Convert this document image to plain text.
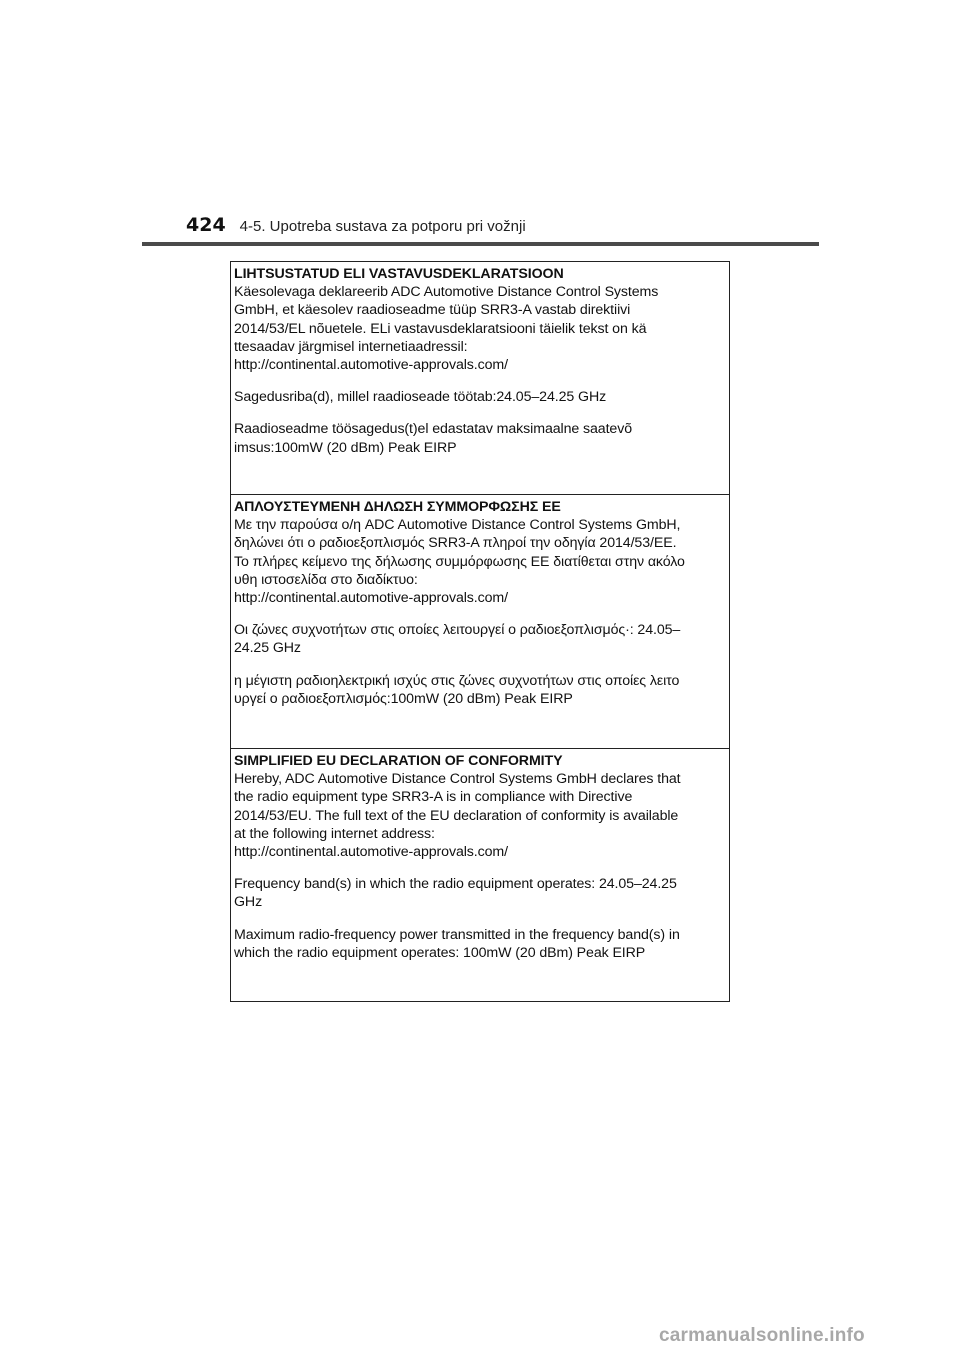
424 4-5. Upotreba sustava za potporu pri vožnji
LIHTSUSTATUD ELI VASTAVUSDEKLARATSIOON
Käesolevaga deklareerib ADC Automotive Distance Control Systems
GmbH, et käesolev raadioseadme tüüp SRR3-A vastab direktiivi
2014/53/EL nõuetele. ELi vastavusdeklaratsiooni täielik tekst on kä
ttesaadav järgmisel internetiaadressil:
http://continental.automotive-approvals.com/
Sagedusriba(d), millel raadioseade töötab:24.05–24.25 GHz
Raadioseadme töösagedus(t)el edastatav maksimaalne saatevõ
imsus:100mW (20 dBm) Peak EIRP
ΑΠΛΟΥΣΤΕΥΜΕΝΗ ΔΗΛΩΣΗ ΣΥΜΜΟΡΦΩΣΗΣ ΕΕ
Με την παρούσα ο/η ADC Automotive Distance Control Systems GmbH,
δηλώνει ότι ο ραδιοεξοπλισμός SRR3-A πληροί την οδηγία 2014/53/ΕΕ.
Το πλήρες κείμενο της δήλωσης συμμόρφωσης ΕΕ διατίθεται στην ακόλο
υθη ιστοσελίδα στο διαδίκτυο:
http://continental.automotive-approvals.com/
Οι ζώνες συχνοτήτων στις οποίες λειτουργεί ο ραδιοεξοπλισμός·: 24.05–
24.25 GHz
η μέγιστη ραδιοηλεκτρική ισχύς στις ζώνες συχνοτήτων στις οποίες λειτο
υργεί ο ραδιοεξοπλισμός:100mW (20 dBm) Peak EIRP
SIMPLIFIED EU DECLARATION OF CONFORMITY
Hereby, ADC Automotive Distance Control Systems GmbH declares that
the radio equipment type SRR3-A is in compliance with Directive
2014/53/EU. The full text of the EU declaration of conformity is available
at the following internet address:
http://continental.automotive-approvals.com/
Frequency band(s) in which the radio equipment operates: 24.05–24.25
GHz
Maximum radio-frequency power transmitted in the frequency band(s) in
which the radio equipment operates: 100mW (20 dBm) Peak EIRP
carmanualsonline.info
